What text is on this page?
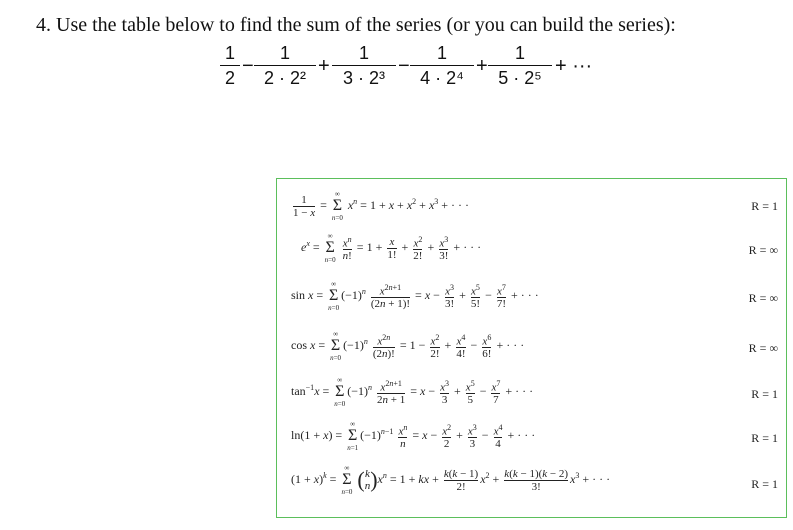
4. Use the table below to find the sum of the series (or you can build the series):
1
2
−
1
2 · 2²
+
1
3 · 2³
−
1
4 · 2⁴
+
1
5 · 2⁵
+ ···
$\frac{1}{1 - x}$ =
∞
Σ
n=0
$x^n = 1 + x + x^2 + x^3$ + · · ·	R = 1
$e^x$ =
∞
Σ
n=0
$\frac{x^n}{n!} = 1 + \frac{x}{1!} + \frac{x^2}{2!} + \frac{x^3}{3!}$ + · · ·	R = ∞
sin x =
∞
Σ
n=0
$(-1)^n \frac{x^{2n+1}}{(2n + 1)!} = x - \frac{x^3}{3!} + \frac{x^5}{5!} - \frac{x^7}{7!}$ + · · ·	R = ∞
cos x =
∞
Σ
n=0
$(-1)^n \frac{x^{2n}}{(2n)!} = 1 - \frac{x^2}{2!} + \frac{x^4}{4!} - \frac{x^6}{6!}$ + · · ·	R = ∞
$\tan^{-1}x$ =
∞
Σ
n=0
$(-1)^n \frac{x^{2n+1}}{2n + 1} = x - \frac{x^3}{3} + \frac{x^5}{5} - \frac{x^7}{7}$ + · · ·	R = 1
ln(1 + x) =
∞
Σ
n=1
$(-1)^{n-1} \frac{x^n}{n} = x - \frac{x^2}{2} + \frac{x^3}{3} - \frac{x^4}{4}$ + · · ·	R = 1
$(1 + x)^k$ =
∞
Σ
n=0 ( k
n )$x^n = 1$ + kx + $\frac{k(k - 1)}{2!} x^2 + \frac{k(k - 1)(k - 2)}{3!} x^3$ + · · ·	R = 1
